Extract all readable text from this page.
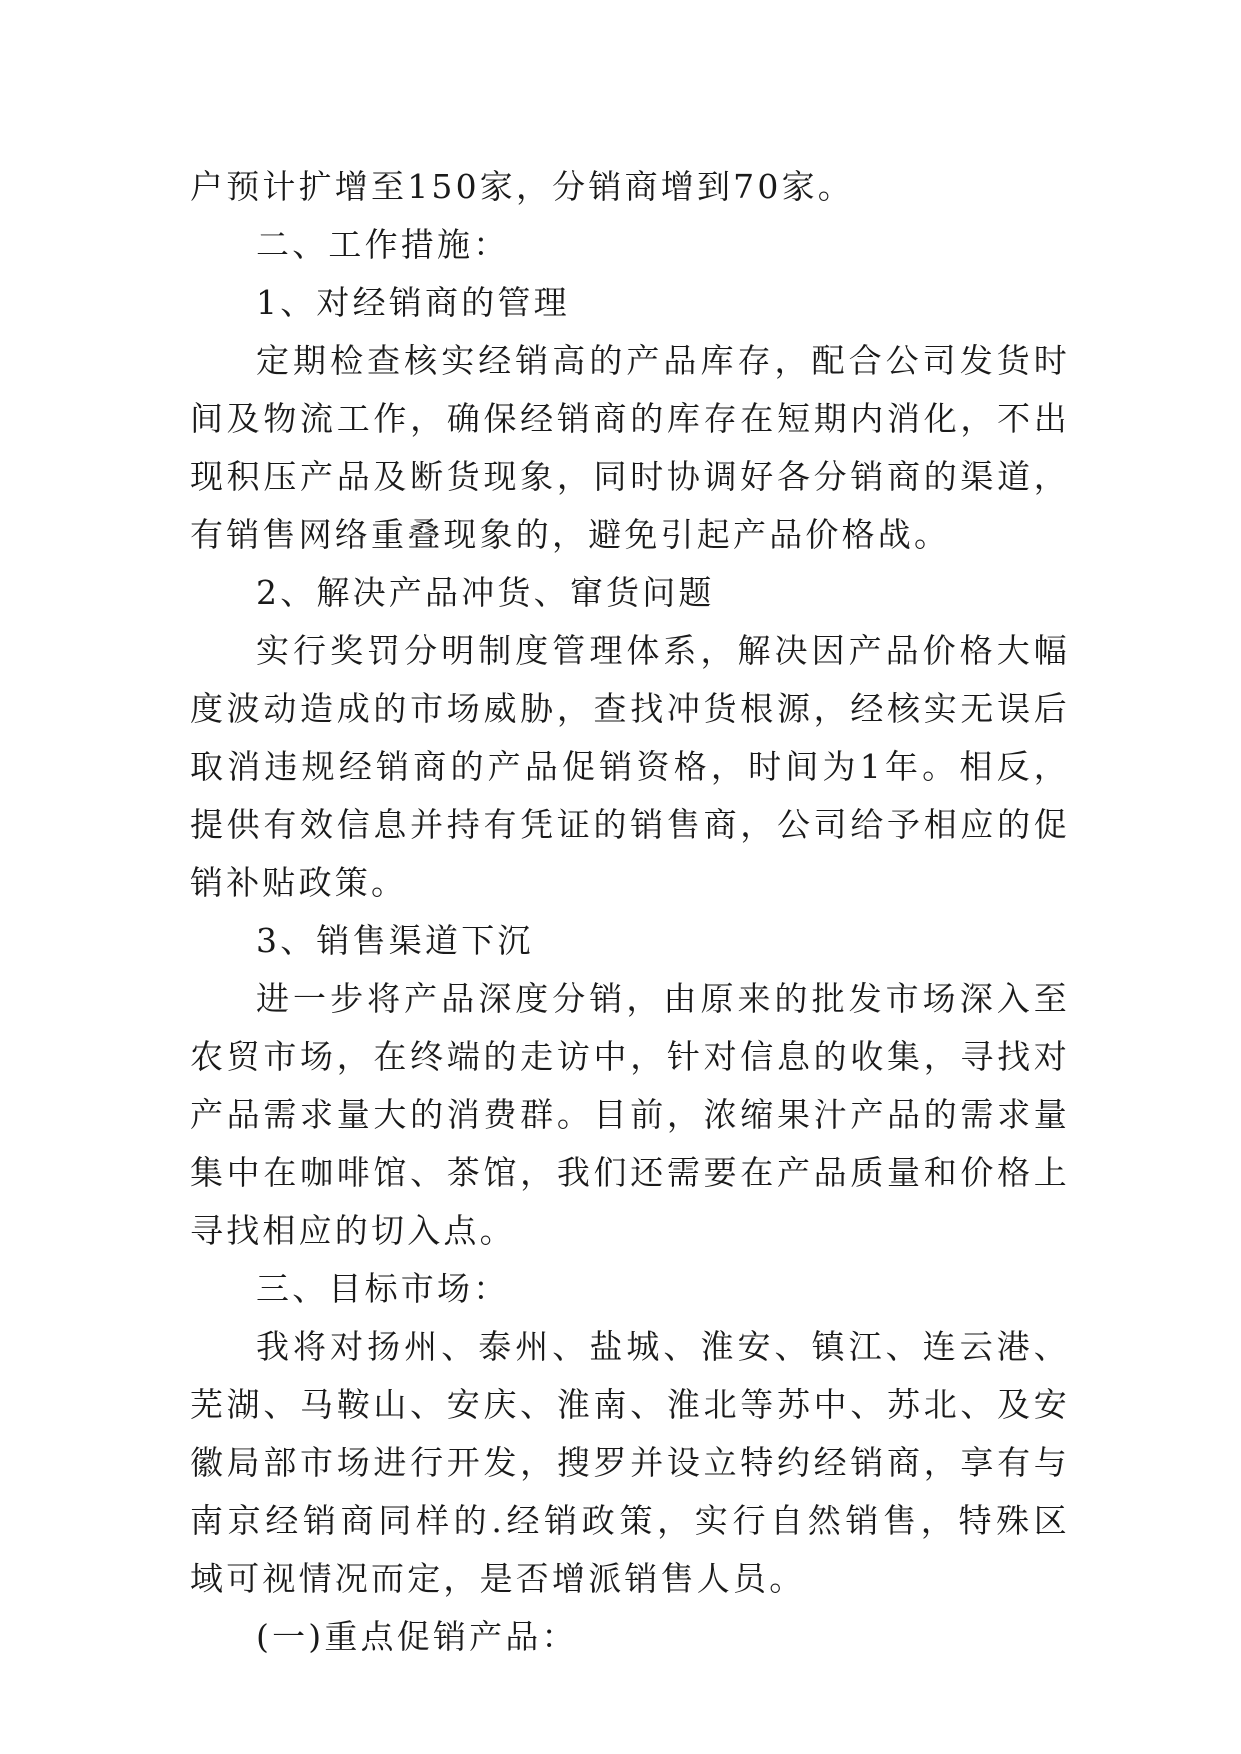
户预计扩增至150家，分销商增到70家。

二、工作措施：

1、对经销商的管理

定期检查核实经销高的产品库存，配合公司发货时间及物流工作，确保经销商的库存在短期内消化，不出现积压产品及断货现象，同时协调好各分销商的渠道，有销售网络重叠现象的，避免引起产品价格战。

2、解决产品冲货、窜货问题

实行奖罚分明制度管理体系，解决因产品价格大幅度波动造成的市场威胁，查找冲货根源，经核实无误后取消违规经销商的产品促销资格，时间为1年。相反，提供有效信息并持有凭证的销售商，公司给予相应的促销补贴政策。

3、销售渠道下沉

进一步将产品深度分销，由原来的批发市场深入至农贸市场，在终端的走访中，针对信息的收集，寻找对产品需求量大的消费群。目前，浓缩果汁产品的需求量集中在咖啡馆、茶馆，我们还需要在产品质量和价格上寻找相应的切入点。

三、目标市场：

我将对扬州、泰州、盐城、淮安、镇江、连云港、芜湖、马鞍山、安庆、淮南、淮北等苏中、苏北、及安徽局部市场进行开发，搜罗并设立特约经销商，享有与南京经销商同样的.经销政策，实行自然销售，特殊区域可视情况而定，是否增派销售人员。

(一)重点促销产品：
